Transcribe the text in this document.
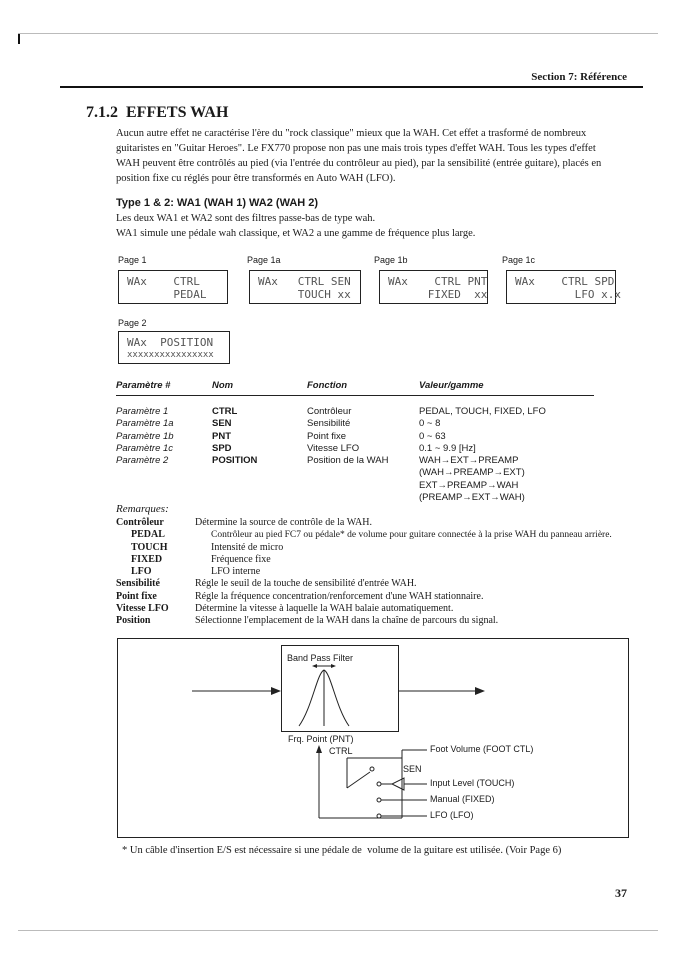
Section 7: Référence
7.1.2  EFFETS WAH
Aucun autre effet ne caractérise l'ère du "rock classique" mieux que la WAH. Cet effet a trasformé de nombreux
guitaristes en "Guitar Heroes". Le FX770 propose non pas une mais trois types d'effet WAH. Tous les types d'effet
WAH peuvent être contrôlés au pied (via l'entrée du contrôleur au pied), par la sensibilité (entrée guitare), placés en
position fixe cu réglés pour être transformés en Auto WAH (LFO).
Type 1 & 2: WA1 (WAH 1) WA2 (WAH 2)
Les deux WA1 et WA2 sont des filtres passe-bas de type wah.
WA1 simule une pédale wah classique, et WA2 a une gamme de fréquence plus large.
Page 1
WAx    CTRL
PEDAL
Page 1a
WAx   CTRL SEN
TOUCH xx
Page 1b
WAx    CTRL PNT
FIXED  xx
Page 1c
WAx    CTRL SPD
LFO x.x
Page 2
WAx  POSITION
xxxxxxxxxxxxxxxx
Paramètre #	Nom	Fonction	Valeur/gamme
Paramètre 1	CTRL	Contrôleur	PEDAL, TOUCH, FIXED, LFO
Paramètre 1a	SEN	Sensibilité	0 ~ 8
Paramètre 1b	PNT	Point fixe	0 ~ 63
Paramètre 1c	SPD	Vitesse LFO	0.1 ~ 9.9 [Hz]
Paramètre 2	POSITION	Position de la WAH	WAH→EXT→PREAMP
(WAH→PREAMP→EXT)
EXT→PREAMP→WAH
(PREAMP→EXT→WAH)
Remarques:
Contrôleur	Détermine la source de contrôle de la WAH.
PEDAL	Contrôleur au pied FC7 ou pédale* de volume pour guitare connectée à la prise WAH du panneau arrière.
TOUCH	Intensité de micro
FIXED	Fréquence fixe
LFO	LFO interne
Sensibilité	Régle le seuil de la touche de sensibilité d'entrée WAH.
Point fixe	Régle la fréquence concentration/renforcement d'une WAH stationnaire.
Vitesse LFO	Détermine la vitesse à laquelle la WAH balaie automatiquement.
Position	Sélectionne l'emplacement de la WAH dans la chaîne de parcours du signal.
Band Pass Filter
Frq. Point (PNT)
CTRL
SEN
Foot Volume (FOOT CTL)
Input Level (TOUCH)
Manual (FIXED)
LFO (LFO)
* Un câble d'insertion E/S est nécessaire si une pédale de  volume de la guitare est utilisée. (Voir Page 6)
37
